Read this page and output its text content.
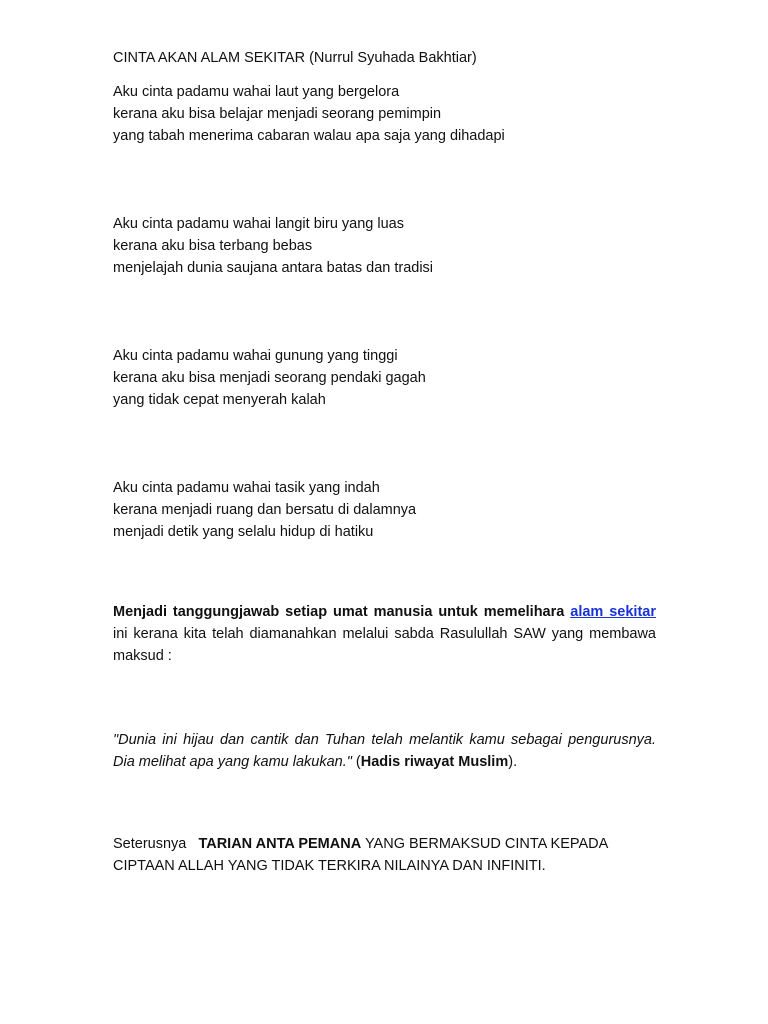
CINTA AKAN ALAM SEKITAR (Nurrul Syuhada Bakhtiar)
Aku cinta padamu wahai laut yang bergelora
kerana aku bisa belajar menjadi seorang pemimpin
yang tabah menerima cabaran walau apa saja yang dihadapi
Aku cinta padamu wahai langit biru yang luas
kerana aku bisa terbang bebas
menjelajah dunia saujana antara batas dan tradisi
Aku cinta padamu wahai gunung yang tinggi
kerana aku bisa menjadi seorang pendaki gagah
yang tidak cepat menyerah kalah
Aku cinta padamu wahai tasik yang indah
kerana menjadi ruang dan bersatu di dalamnya
menjadi detik yang selalu hidup di hatiku

Menjadi tanggungjawab setiap umat manusia untuk memelihara alam sekitar ini kerana kita telah diamanahkan melalui sabda Rasulullah SAW yang membawa maksud :

"Dunia ini hijau dan cantik dan Tuhan telah melantik kamu sebagai pengurusnya. Dia melihat apa yang kamu lakukan." (Hadis riwayat Muslim).

Seterusnya TARIAN ANTA PEMANA YANG BERMAKSUD CINTA KEPADA CIPTAAN ALLAH YANG TIDAK TERKIRA NILAINYA DAN INFINITI.
